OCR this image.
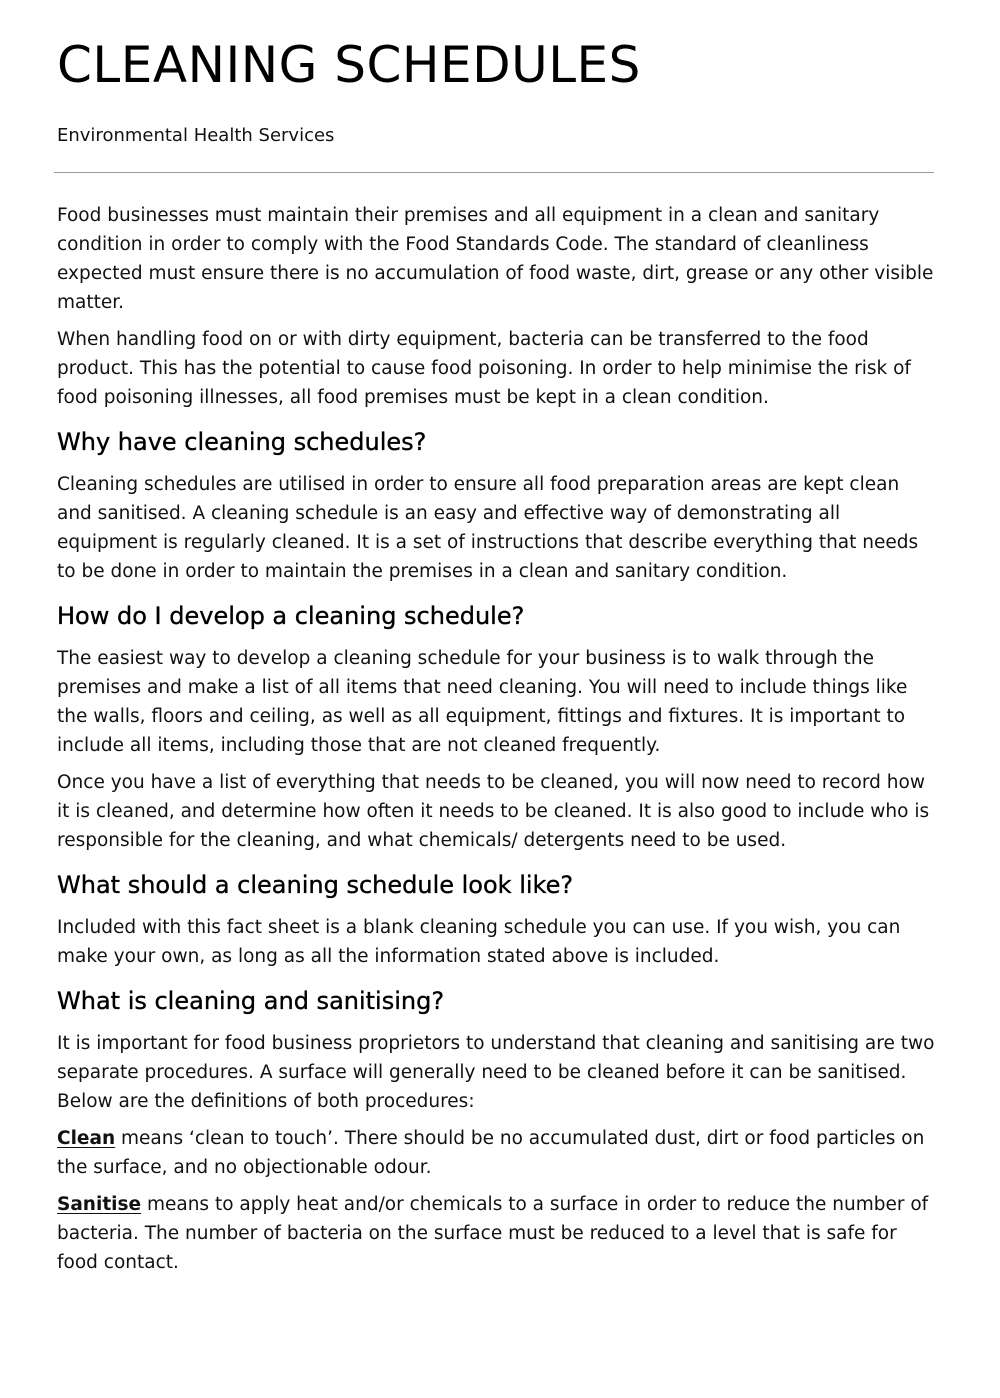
CLEANING SCHEDULES
Environmental Health Services

Food businesses must maintain their premises and all equipment in a clean and sanitary condition in order to comply with the Food Standards Code. The standard of cleanliness expected must ensure there is no accumulation of food waste, dirt, grease or any other visible matter.

When handling food on or with dirty equipment, bacteria can be transferred to the food product. This has the potential to cause food poisoning. In order to help minimise the risk of food poisoning illnesses, all food premises must be kept in a clean condition.

Why have cleaning schedules?

Cleaning schedules are utilised in order to ensure all food preparation areas are kept clean and sanitised. A cleaning schedule is an easy and effective way of demonstrating all equipment is regularly cleaned. It is a set of instructions that describe everything that needs to be done in order to maintain the premises in a clean and sanitary condition.

How do I develop a cleaning schedule?

The easiest way to develop a cleaning schedule for your business is to walk through the premises and make a list of all items that need cleaning. You will need to include things like the walls, floors and ceiling, as well as all equipment, fittings and fixtures. It is important to include all items, including those that are not cleaned frequently.

Once you have a list of everything that needs to be cleaned, you will now need to record how it is cleaned, and determine how often it needs to be cleaned. It is also good to include who is responsible for the cleaning, and what chemicals/ detergents need to be used.

What should a cleaning schedule look like?

Included with this fact sheet is a blank cleaning schedule you can use. If you wish, you can make your own, as long as all the information stated above is included.

What is cleaning and sanitising?

It is important for food business proprietors to understand that cleaning and sanitising are two separate procedures. A surface will generally need to be cleaned before it can be sanitised. Below are the definitions of both procedures:

Clean means ‘clean to touch’. There should be no accumulated dust, dirt or food particles on the surface, and no objectionable odour.

Sanitise means to apply heat and/or chemicals to a surface in order to reduce the number of bacteria. The number of bacteria on the surface must be reduced to a level that is safe for food contact.
